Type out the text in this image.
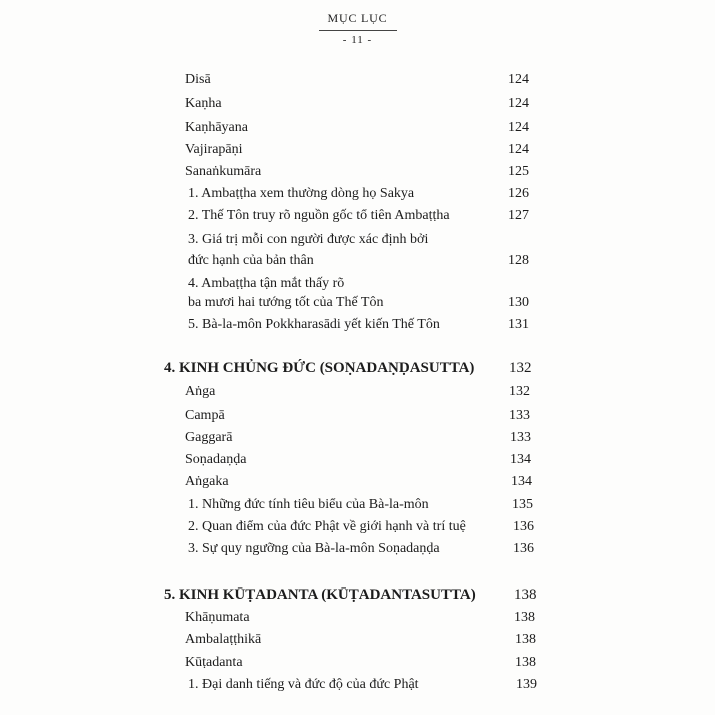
MỤC LỤC
- 11 -
Disā	124
Kaṇha	124
Kaṇhāyana	124
Vajirapāṇi	124
Sanaṅkumāra	125
1. Ambaṭṭha xem thường dòng họ Sakya	126
2. Thế Tôn truy rõ nguồn gốc tổ tiên Ambaṭṭha	127
3. Giá trị mỗi con người được xác định bởi
đức hạnh của bản thân	128
4. Ambaṭṭha tận mắt thấy rõ
ba mươi hai tướng tốt của Thế Tôn	130
5. Bà-la-môn Pokkharasādi yết kiến Thế Tôn	131
4. KINH CHỦNG ĐỨC (SOṆADAṆḌASUTTA) 132
Aṅga	132
Campā	133
Gaggarā	133
Soṇadaṇḍa	134
Aṅgaka	134
1. Những đức tính tiêu biểu của Bà-la-môn	135
2. Quan điểm của đức Phật về giới hạnh và trí tuệ	136
3. Sự quy ngưỡng của Bà-la-môn Soṇadaṇḍa	136
5. KINH KŪṬADANTA (KŪṬADANTASUTTA)	138
Khāṇumata	138
Ambalaṭṭhikā	138
Kūṭadanta	138
1. Đại danh tiếng và đức độ của đức Phật	139
